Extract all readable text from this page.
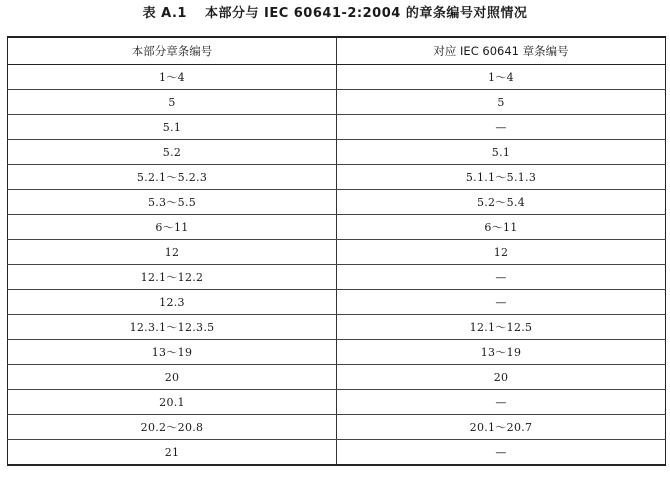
表 A.1 本部分与 IEC 60641-2:2004 的章条编号对照情况
本部分章条编号	对应 IEC 60641 章条编号
1～4	1～4
5	5
5.1	—
5.2	5.1
5.2.1～5.2.3	5.1.1～5.1.3
5.3～5.5	5.2～5.4
6～11	6～11
12	12
12.1～12.2	—
12.3	—
12.3.1～12.3.5	12.1～12.5
13～19	13～19
20	20
20.1	—
20.2～20.8	20.1～20.7
21	—
